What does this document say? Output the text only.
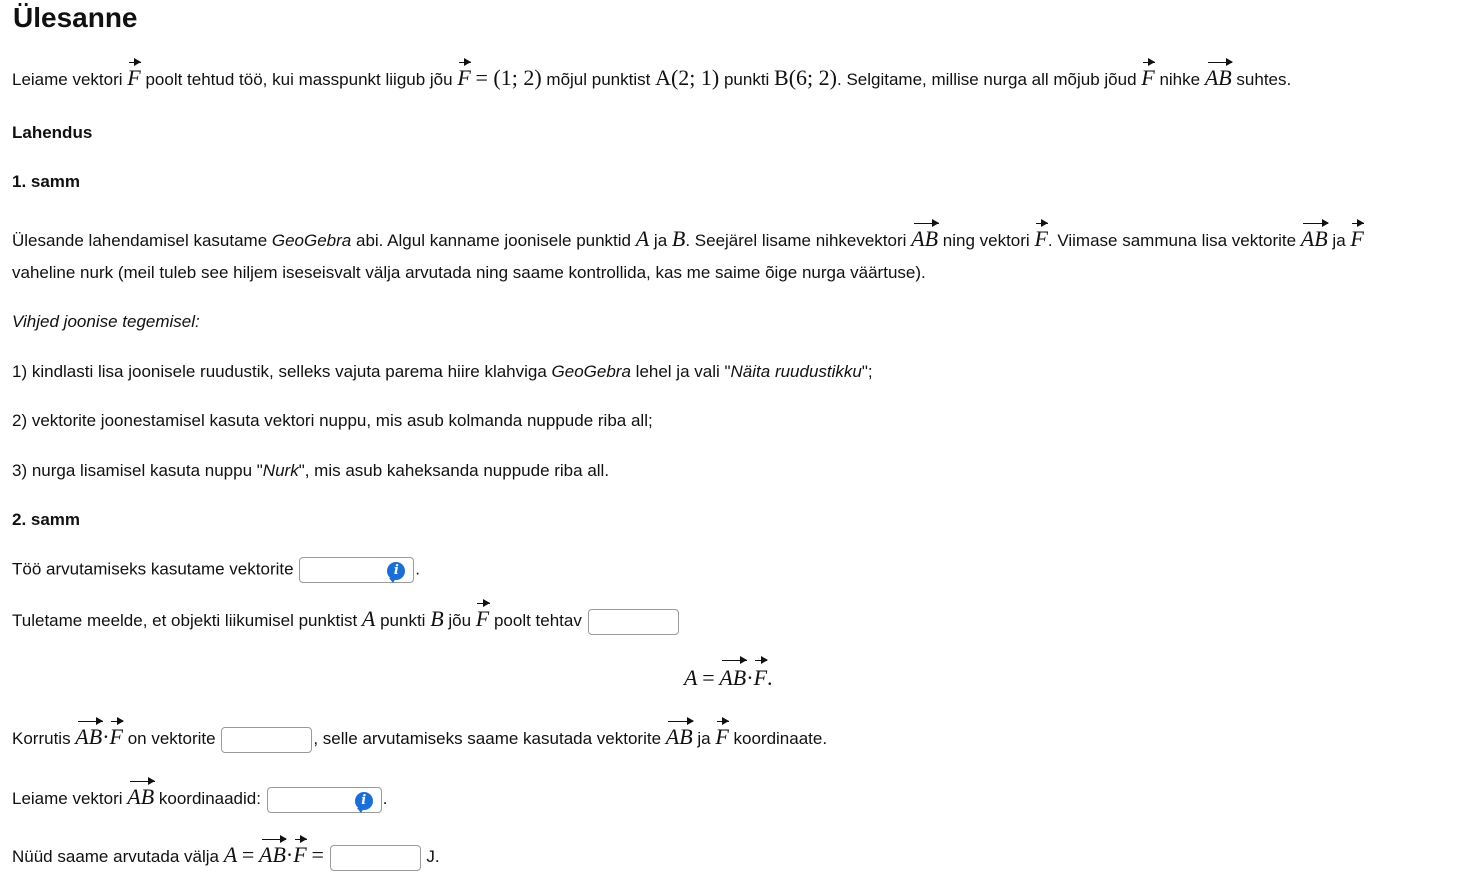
Ülesanne
Leiame vektori F poolt tehtud töö, kui masspunkt liigub jõu F = (1; 2) mõjul punktist A(2; 1) punkti B(6; 2). Selgitame, millise nurga all mõjub jõud F nihke AB suhtes.
Lahendus
1. samm
Ülesande lahendamisel kasutame GeoGebra abi. Algul kanname joonisele punktid A ja B. Seejärel lisame nihkevektori AB ning vektori F. Viimase sammuna lisa vektorite AB ja F
vaheline nurk (meil tuleb see hiljem iseseisvalt välja arvutada ning saame kontrollida, kas me saime õige nurga väärtuse).
Vihjed joonise tegemisel:
1) kindlasti lisa joonisele ruudustik, selleks vajuta parema hiire klahviga GeoGebra lehel ja vali "Näita ruudustikku";
2) vektorite joonestamisel kasuta vektori nuppu, mis asub kolmanda nuppude riba all;
3) nurga lisamisel kasuta nuppu "Nurk", mis asub kaheksanda nuppude riba all.
2. samm
Töö arvutamiseks kasutame vektorite	i .
Tuletame meelde, et objekti liikumisel punktist A punkti B jõu F poolt tehtav
A = AB·F.
Korrutis AB·F on vektorite	, selle arvutamiseks saame kasutada vektorite AB ja F koordinaate.
Leiame vektori AB koordinaadid:	i .
Nüüd saame arvutada välja A = AB·F =	J.
